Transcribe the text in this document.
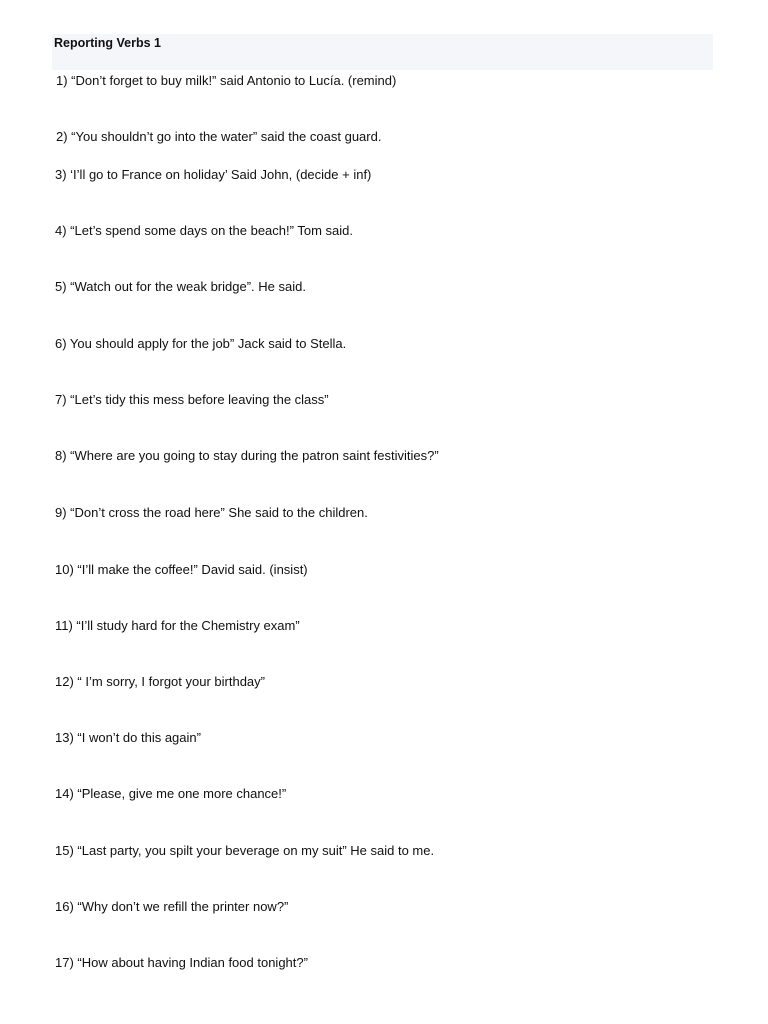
Reporting Verbs 1
1) “Don’t forget to buy milk!” said Antonio to Lucía. (remind)
2) “You shouldn’t go into the water” said the coast guard.
3) ‘I’ll go to France on holiday’ Said John, (decide + inf)
4) “Let’s spend some days on the beach!” Tom said.
5) “Watch out for the weak bridge”. He said.
6) You should apply for the job” Jack said to Stella.
7) “Let’s tidy this mess before leaving the class”
8) “Where are you going to stay during the patron saint festivities?”
9) “Don’t cross the road here” She said to the children.
10) “I’ll make the coffee!” David said. (insist)
11) “I’ll study hard for the Chemistry exam”
12) “ I’m sorry, I forgot your birthday”
13) “I won’t do this again”
14) “Please, give me one more chance!”
15) “Last party, you spilt your beverage on my suit” He said to me.
16) “Why don’t we refill the printer now?”
17) “How about having Indian food tonight?”
